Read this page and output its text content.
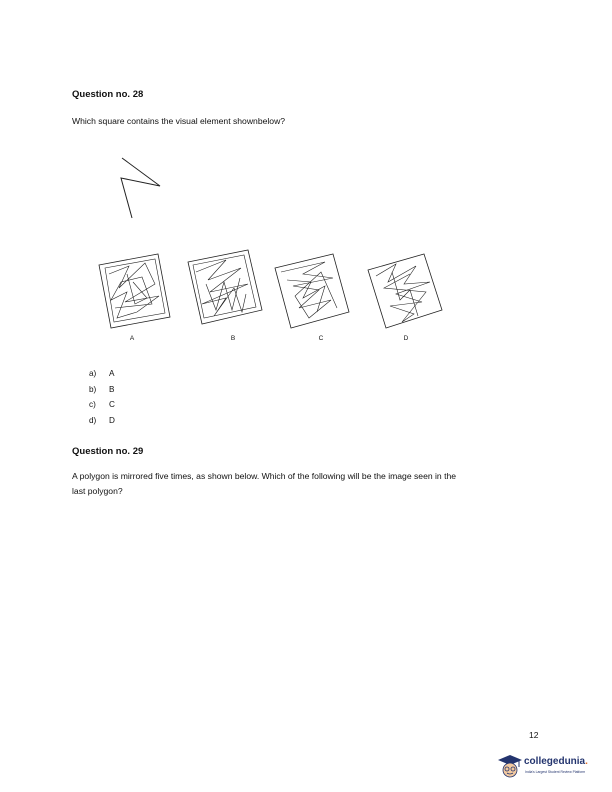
Question no. 28
Which square contains the visual element shownbelow?
A	B	C	D
a)	A
b)	B
c)	C
d)	D
Question no. 29
A polygon is mirrored five times, as shown below. Which of the following will be the image seen in the
last polygon?
12
collegedunia.
India's Largest Student Review Platform
